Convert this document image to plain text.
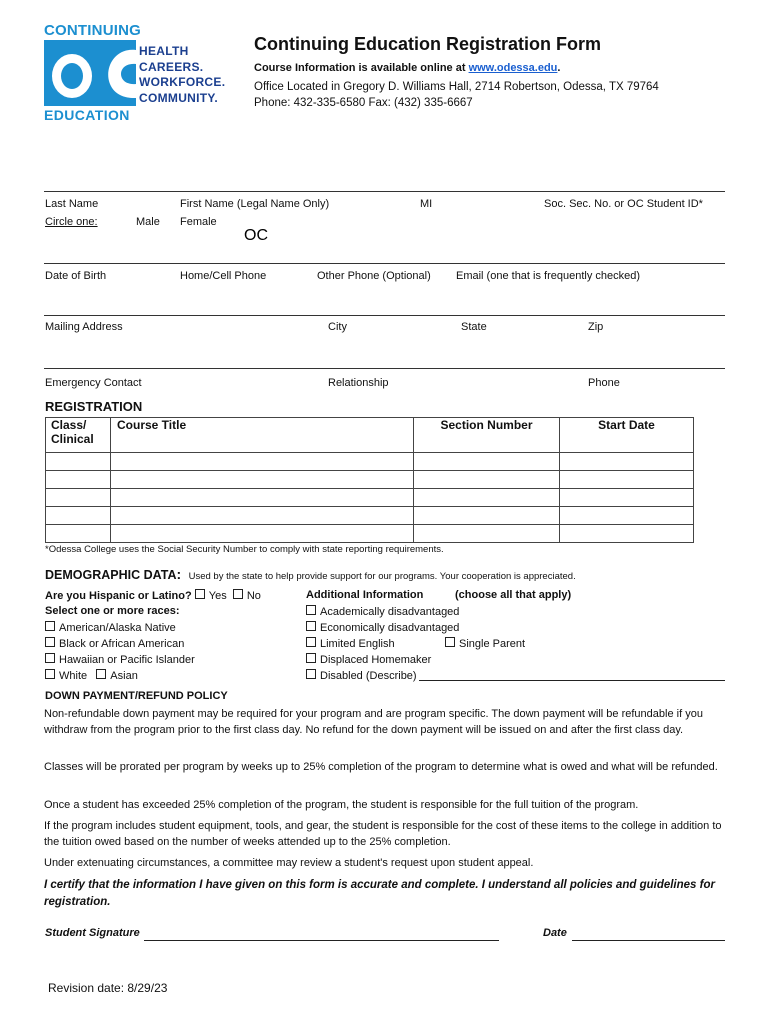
CONTINUING
OC
HEALTH
CAREERS.
WORKFORCE.
COMMUNITY.
EDUCATION
Continuing Education Registration Form
Course Information is available online at www.odessa.edu.
Office Located in Gregory D. Williams Hall, 2714 Robertson, Odessa, TX 79764
Phone: 432-335-6580 Fax: (432) 335-6667
Last Name	First Name (Legal Name Only)	MI	Soc. Sec. No. or OC Student ID*
Circle one:	Male Female
Date of Birth	Home/Cell Phone	Other Phone (Optional) Email (one that is frequently checked)
Mailing Address	City	State	Zip
Emergency Contact	Relationship	Phone
REGISTRATION
Class/
Clinical	Course Title	Section Number	Start Date

*Odessa College uses the Social Security Number to comply with state reporting requirements.
DEMOGRAPHIC DATA: Used by the state to help provide support for our programs. Your cooperation is appreciated.
Are you Hispanic or Latino? Yes No
Select one or more races:
American/Alaska Native
Black or African American
Hawaiian or Pacific Islander
White Asian
Additional Information	(choose all that apply)
Academically disadvantaged
Economically disadvantaged
Limited English	Single Parent
Displaced Homemaker
Disabled (Describe)
DOWN PAYMENT/REFUND POLICY
Non-refundable down payment may be required for your program and are program specific. The down payment will be refundable if you withdraw from the program prior to the first class day. No refund for the down payment will be issued on and after the first class day.
Classes will be prorated per program by weeks up to 25% completion of the program to determine what is owed and what will be refunded.
Once a student has exceeded 25% completion of the program, the student is responsible for the full tuition of the program.
If the program includes student equipment, tools, and gear, the student is responsible for the cost of these items to the college in addition to the tuition owed based on the number of weeks attended up to the 25% completion.
Under extenuating circumstances, a committee may review a student's request upon student appeal.
I certify that the information I have given on this form is accurate and complete. I understand all policies and guidelines for registration.
Student Signature	Date
Revision date: 8/29/23
